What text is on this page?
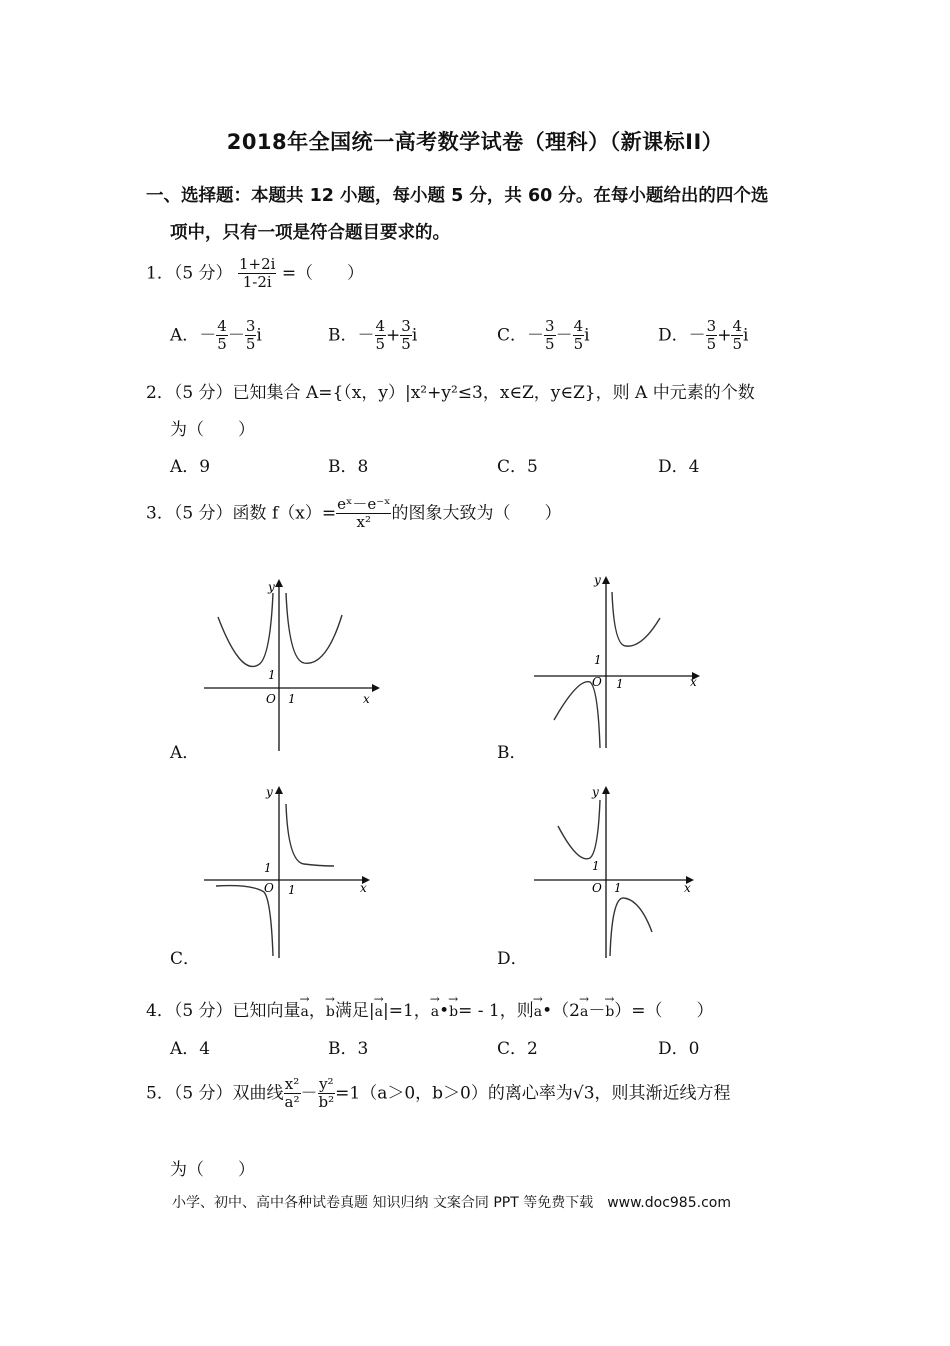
2018年全国统一高考数学试卷（理科）（新课标II）
一、选择题：本题共 12 小题，每小题 5 分，共 60 分。在每小题给出的四个选
项中，只有一项是符合题目要求的。
1．（5 分） $\frac{1+2i}{1-2i}$ =（　　）
A．－ $\frac{4}{5} - \frac{3}{5}$ i	B．－ $\frac{4}{5} + \frac{3}{5}$ i	C．－ $\frac{3}{5} - \frac{4}{5}$ i	D．－ $\frac{3}{5} + \frac{4}{5}$ i
2．（5 分）已知集合 A={（x，y）|x²+y²≤3，x∈Z，y∈Z}，则 A 中元素的个数
为（　　）
A．9	B．8	C．5	D．4
3．（5 分）函数 $f(x)= \frac{\text{eˣ－e⁻ˣ}}{\text{x²}}$ 的图象大致为（　　）
y
x
O 1
1
A．
y
x
O 1
1
B．
y
x
O 1
1
C．
y
x
O 1
1
D．
4．（5 分）已知向量→ a，→ b满足|→ a|=1，→ a•→ b= - 1，则→ a•（2→ a－→ b）=（　　）
A．4	B．3	C．2	D．0
5．（5 分）双曲线 $\frac{\text{x²}}{\text{a²}} - \frac{\text{y²}}{\text{b²}} =1(a>0$，b＞0）的离心率为√3，则其渐近线方程
为（　　）
小学、初中、高中各种试卷真题 知识归纳 文案合同 PPT 等免费下载　www.doc985.com
